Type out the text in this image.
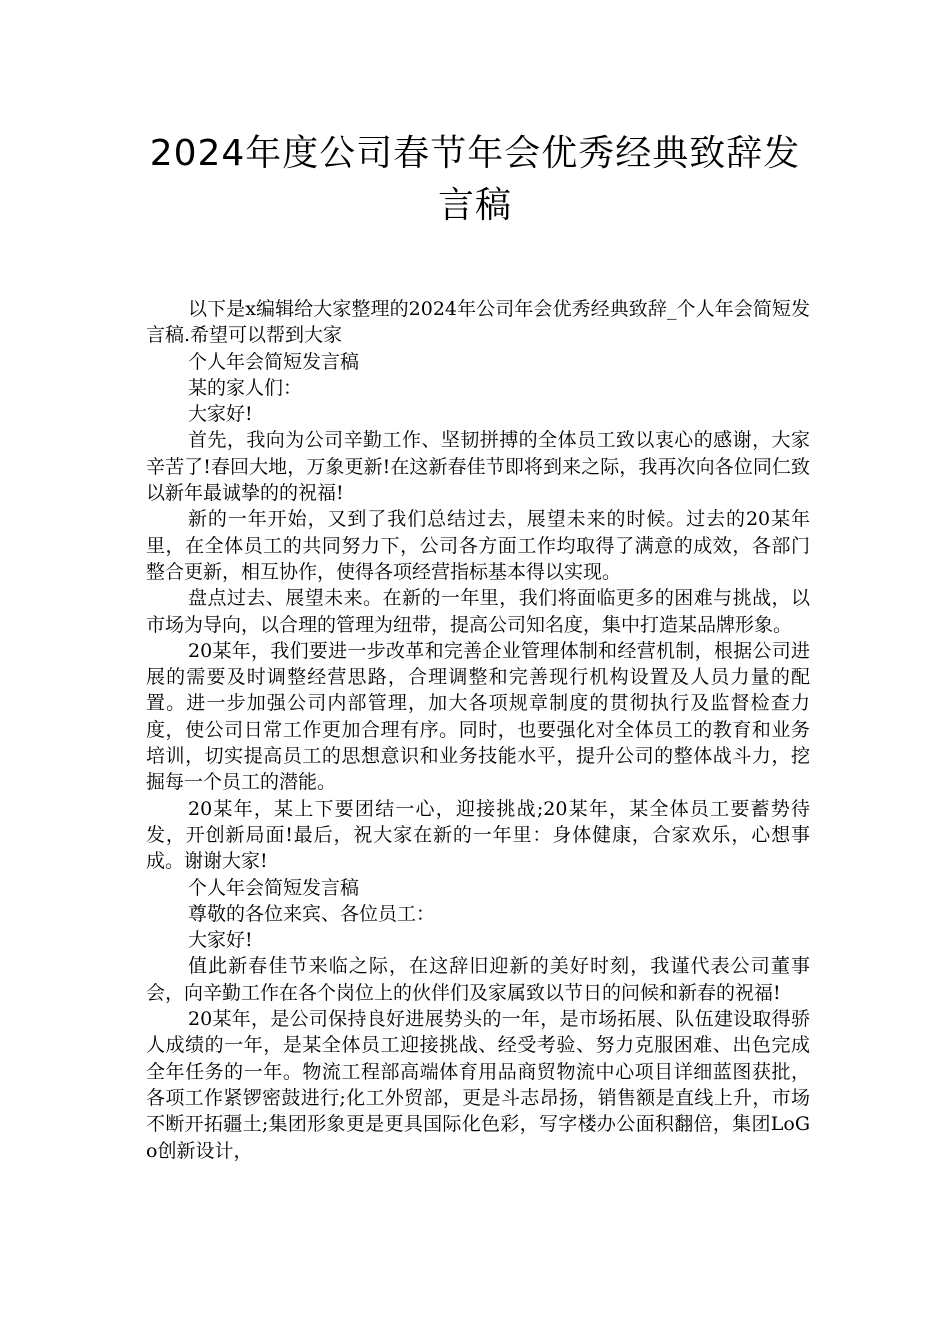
2024年度公司春节年会优秀经典致辞发
言稿

以下是x编辑给大家整理的2024年公司年会优秀经典致辞_个人年会简短发言稿.希望可以帮到大家

个人年会简短发言稿

某的家人们：

大家好!

首先，我向为公司辛勤工作、坚韧拼搏的全体员工致以衷心的感谢，大家辛苦了!春回大地，万象更新!在这新春佳节即将到来之际，我再次向各位同仁致以新年最诚挚的的祝福!

新的一年开始，又到了我们总结过去，展望未来的时候。过去的20某年里，在全体员工的共同努力下，公司各方面工作均取得了满意的成效，各部门整合更新，相互协作，使得各项经营指标基本得以实现。

盘点过去、展望未来。在新的一年里，我们将面临更多的困难与挑战，以市场为导向，以合理的管理为纽带，提高公司知名度，集中打造某品牌形象。

20某年，我们要进一步改革和完善企业管理体制和经营机制，根据公司进展的需要及时调整经营思路，合理调整和完善现行机构设置及人员力量的配置。进一步加强公司内部管理，加大各项规章制度的贯彻执行及监督检查力度，使公司日常工作更加合理有序。同时，也要强化对全体员工的教育和业务培训，切实提高员工的思想意识和业务技能水平，提升公司的整体战斗力，挖掘每一个员工的潜能。

20某年，某上下要团结一心，迎接挑战;20某年，某全体员工要蓄势待发，开创新局面!最后，祝大家在新的一年里：身体健康，合家欢乐，心想事成。谢谢大家!

个人年会简短发言稿

尊敬的各位来宾、各位员工：

大家好!

值此新春佳节来临之际，在这辞旧迎新的美好时刻，我谨代表公司董事会，向辛勤工作在各个岗位上的伙伴们及家属致以节日的问候和新春的祝福!

20某年，是公司保持良好进展势头的一年，是市场拓展、队伍建设取得骄人成绩的一年，是某全体员工迎接挑战、经受考验、努力克服困难、出色完成全年任务的一年。物流工程部高端体育用品商贸物流中心项目详细蓝图获批，各项工作紧锣密鼓进行;化工外贸部，更是斗志昂扬，销售额是直线上升，市场不断开拓疆土;集团形象更是更具国际化色彩，写字楼办公面积翻倍，集团LoGo创新设计，
